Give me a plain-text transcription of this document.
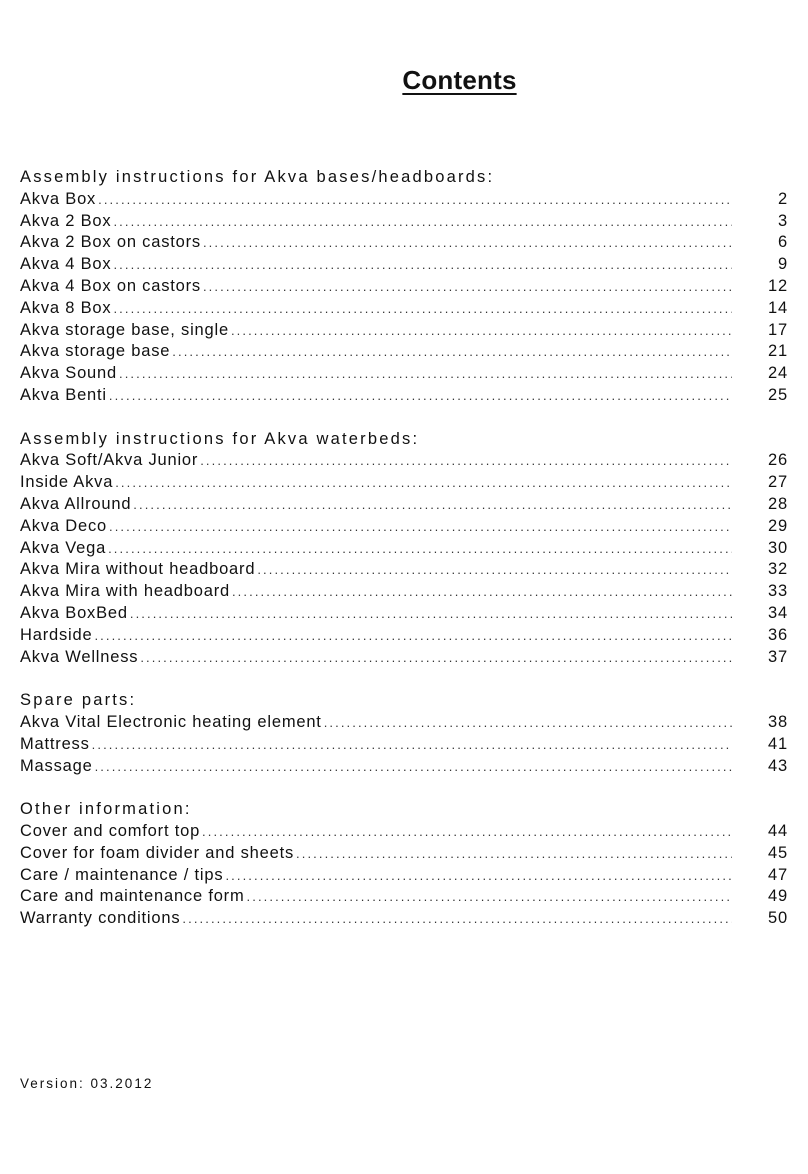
Contents
Assembly instructions for Akva bases/headboards:
Akva Box .....	2
Akva 2 Box .....	3
Akva 2 Box on castors .....	6
Akva 4 Box .....	9
Akva 4 Box on castors .....	12
Akva 8 Box .....	14
Akva storage base, single .....	17
Akva storage base .....	21
Akva Sound .....	24
Akva Benti .....	25
Assembly instructions for Akva waterbeds:
Akva Soft/Akva Junior .....	26
Inside Akva .....	27
Akva Allround .....	28
Akva Deco .....	29
Akva Vega .....	30
Akva Mira without headboard .....	32
Akva Mira with headboard .....	33
Akva BoxBed .....	34
Hardside .....	36
Akva Wellness .....	37
Spare parts:
Akva Vital Electronic heating element .....	38
Mattress .....	41
Massage .....	43
Other information:
Cover and comfort top .....	44
Cover for foam divider and sheets .....	45
Care / maintenance / tips .....	47
Care and maintenance form .....	49
Warranty conditions .....	50
Version: 03.2012
